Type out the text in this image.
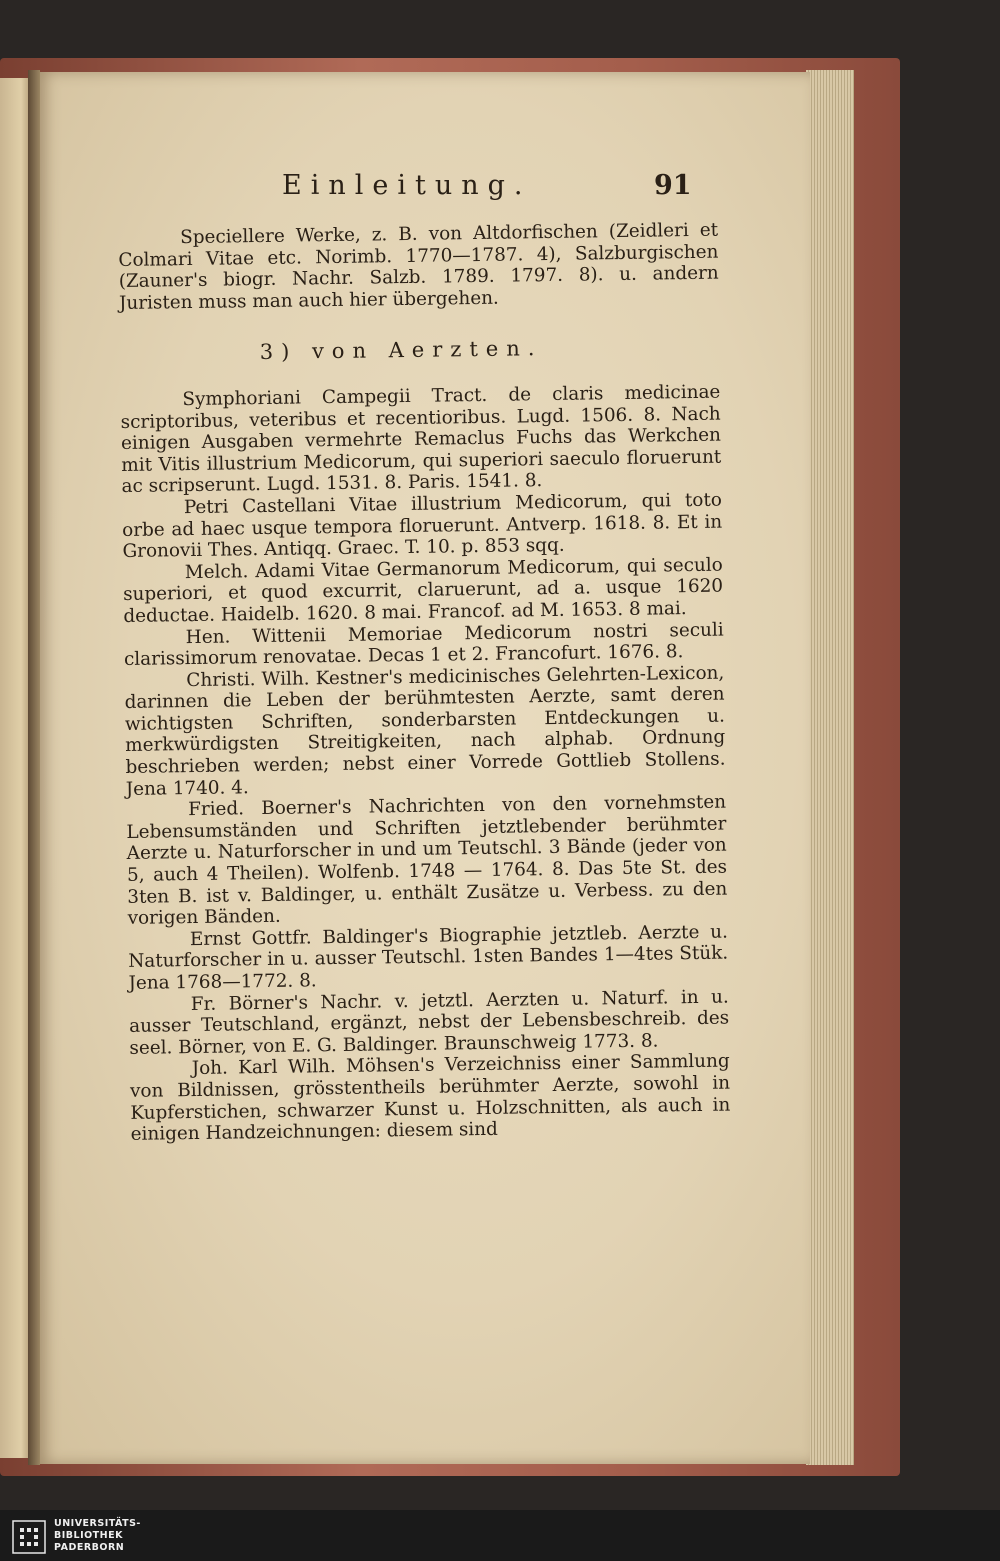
Einleitung.	91

Speciellere Werke, z. B. von Altdorfischen (Zeidleri et Colmari Vitae etc. Norimb. 1770—1787. 4), Salzburgischen (Zauner's biogr. Nachr. Salzb. 1789. 1797. 8). u. andern Juristen muss man auch hier übergehen.

3) von Aerzten.

Symphoriani Campegii Tract. de claris medicinae scriptoribus, veteribus et recentioribus. Lugd. 1506. 8. Nach einigen Ausgaben vermehrte Remaclus Fuchs das Werkchen mit Vitis illustrium Medicorum, qui superiori saeculo floruerunt ac scripserunt. Lugd. 1531. 8. Paris. 1541. 8.

Petri Castellani Vitae illustrium Medicorum, qui toto orbe ad haec usque tempora floruerunt. Antverp. 1618. 8. Et in Gronovii Thes. Antiqq. Graec. T. 10. p. 853 sqq.

Melch. Adami Vitae Germanorum Medicorum, qui seculo superiori, et quod excurrit, claruerunt, ad a. usque 1620 deductae. Haidelb. 1620. 8 mai. Francof. ad M. 1653. 8 mai.

Hen. Wittenii Memoriae Medicorum nostri seculi clarissimorum renovatae. Decas 1 et 2. Francofurt. 1676. 8.

Christi. Wilh. Kestner's medicinisches Gelehrten-Lexicon, darinnen die Leben der berühmtesten Aerzte, samt deren wichtigsten Schriften, sonderbarsten Entdeckungen u. merkwürdigsten Streitigkeiten, nach alphab. Ordnung beschrieben werden; nebst einer Vorrede Gottlieb Stollens. Jena 1740. 4.

Fried. Boerner's Nachrichten von den vornehmsten Lebensumständen und Schriften jetztlebender berühmter Aerzte u. Naturforscher in und um Teutschl. 3 Bände (jeder von 5, auch 4 Theilen). Wolfenb. 1748 — 1764. 8. Das 5te St. des 3ten B. ist v. Baldinger, u. enthält Zusätze u. Verbess. zu den vorigen Bänden.

Ernst Gottfr. Baldinger's Biographie jetztleb. Aerzte u. Naturforscher in u. ausser Teutschl. 1sten Bandes 1—4tes Stük. Jena 1768—1772. 8.

Fr. Börner's Nachr. v. jetztl. Aerzten u. Naturf. in u. ausser Teutschland, ergänzt, nebst der Lebensbeschreib. des seel. Börner, von E. G. Baldinger. Braunschweig 1773. 8.

Joh. Karl Wilh. Möhsen's Verzeichniss einer Sammlung von Bildnissen, grösstentheils berühmter Aerzte, sowohl in Kupferstichen, schwarzer Kunst u. Holzschnitten, als auch in einigen Handzeichnungen: diesem sind

UNIVERSITÄTS-
BIBLIOTHEK
PADERBORN
